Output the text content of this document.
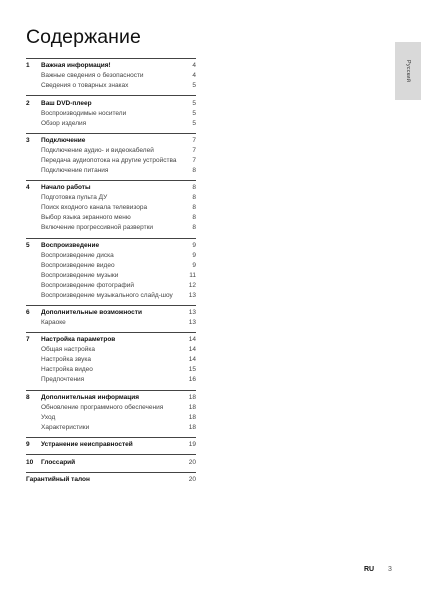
Содержание
Русский
1	Важная информация!	4
Важные сведения о безопасности	4
Сведения о товарных знаках	5
2	Ваш DVD-плеер	5
Воспроизводимые носители	5
Обзор изделия	5
3	Подключение	7
Подключение аудио- и видеокабелей	7
Передача аудиопотока на другие устройства	7
Подключение питания	8
4	Начало работы	8
Подготовка пульта ДУ	8
Поиск входного канала телевизора	8
Выбор языка экранного меню	8
Включение прогрессивной развертки	8
5	Воспроизведение	9
Воспроизведение диска	9
Воспроизведение видео	9
Воспроизведение музыки	11
Воспроизведение фотографий	12
Воспроизведение музыкального слайд-шоу	13
6	Дополнительные возможности	13
Караоке	13
7	Настройка параметров	14
Общая настройка	14
Настройка звука	14
Настройка видео	15
Предпочтения	16
8	Дополнительная информация	18
Обновление программного обеспечения	18
Уход	18
Характеристики	18
9	Устранение неисправностей	19
10	Глоссарий	20
Гарантийный талон	20
RU 3
